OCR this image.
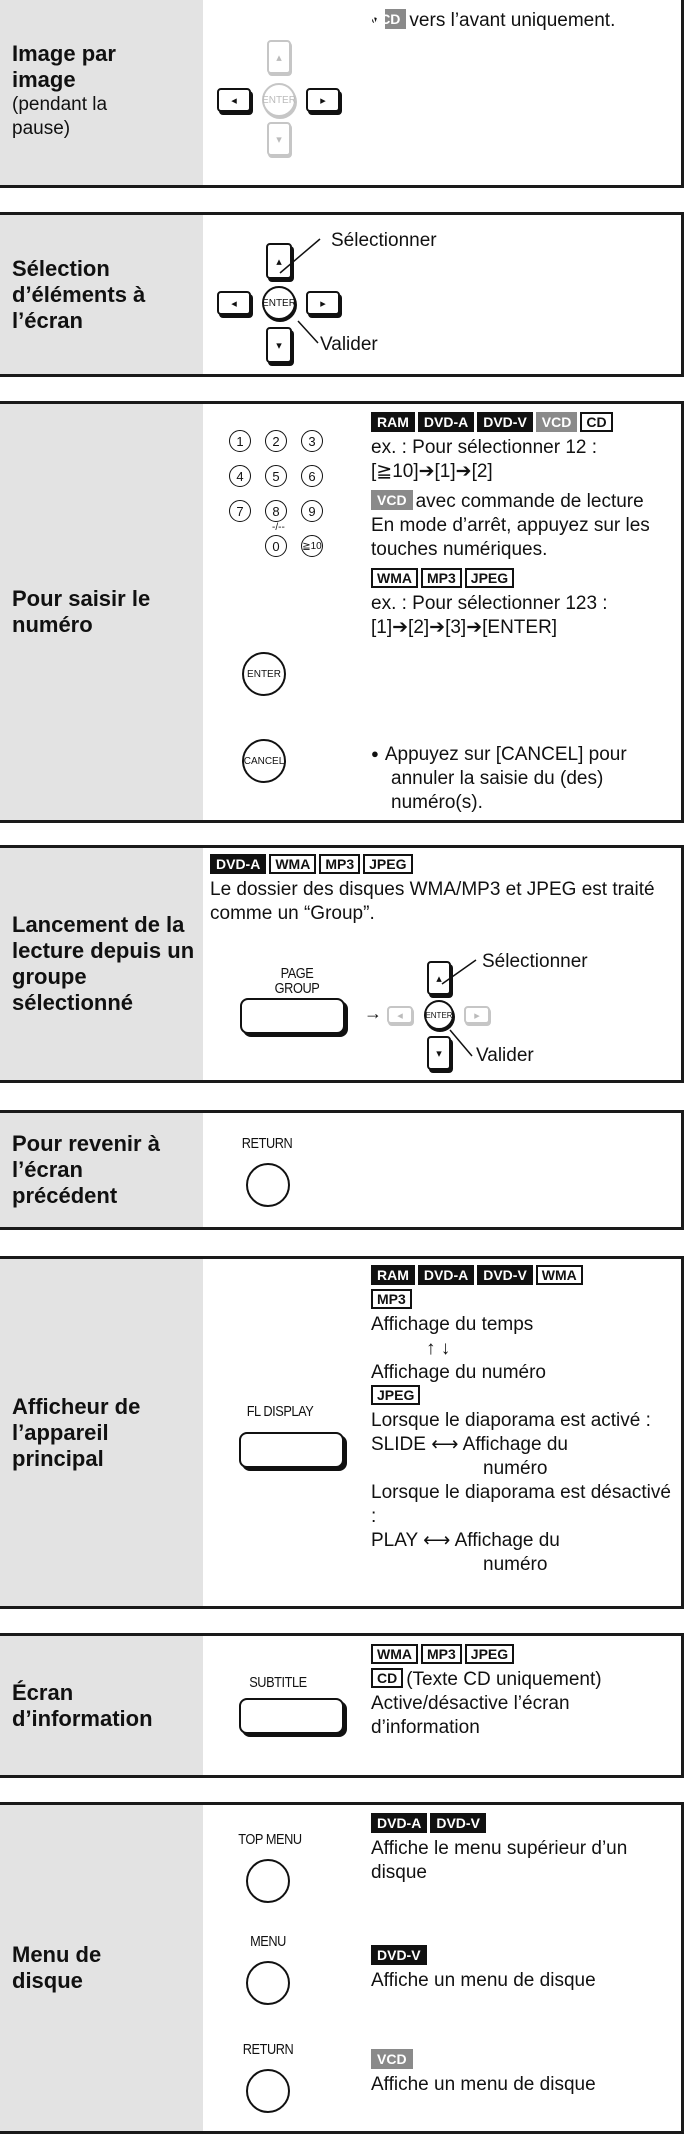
Image par image
(pendant la pause)
▴
◂	ENTER	▸
▾
● VCD vers l’avant uniquement.
Sélection d’éléments à l’écran
▴
◂	ENTER	▸
▾
Sélectionner
Valider
Pour saisir le numéro
1	2	3
4	5	6
7	8	9
-/--
0	≧10
ENTER
CANCEL
RAM DVD-A DVD-V VCD CD
ex. : Pour sélectionner 12 :
[≧10]➔[1]➔[2]
VCD avec commande de lecture
En mode d’arrêt, appuyez sur les touches numériques.
WMA MP3 JPEG
ex. : Pour sélectionner 123 :
[1]➔[2]➔[3]➔[ENTER]
● Appuyez sur [CANCEL] pour annuler la saisie du (des) numéro(s).
Lancement de la lecture depuis un groupe sélectionné
DVD-A WMA MP3 JPEG
Le dossier des disques WMA/MP3 et JPEG est traité comme un “Group”.
PAGE GROUP
→
▴
◂	ENTER	▸
▾
Sélectionner
Valider
Pour revenir à l’écran précédent
RETURN
Afficheur de l’appareil principal
FL DISPLAY
RAM DVD-A DVD-V WMA
MP3
Affichage du temps
↑ ↓
Affichage du numéro
JPEG
Lorsque le diaporama est activé :
SLIDE ⟷ Affichage du
numéro
Lorsque le diaporama est désactivé :
PLAY ⟷ Affichage du
numéro
Écran d’information
SUBTITLE
WMA MP3 JPEG
CD (Texte CD uniquement)
Active/désactive l’écran d’information
Menu de disque
TOP MENU
MENU
RETURN
DVD-A DVD-V
Affiche le menu supérieur d’un disque
DVD-V
Affiche un menu de disque
VCD
Affiche un menu de disque
